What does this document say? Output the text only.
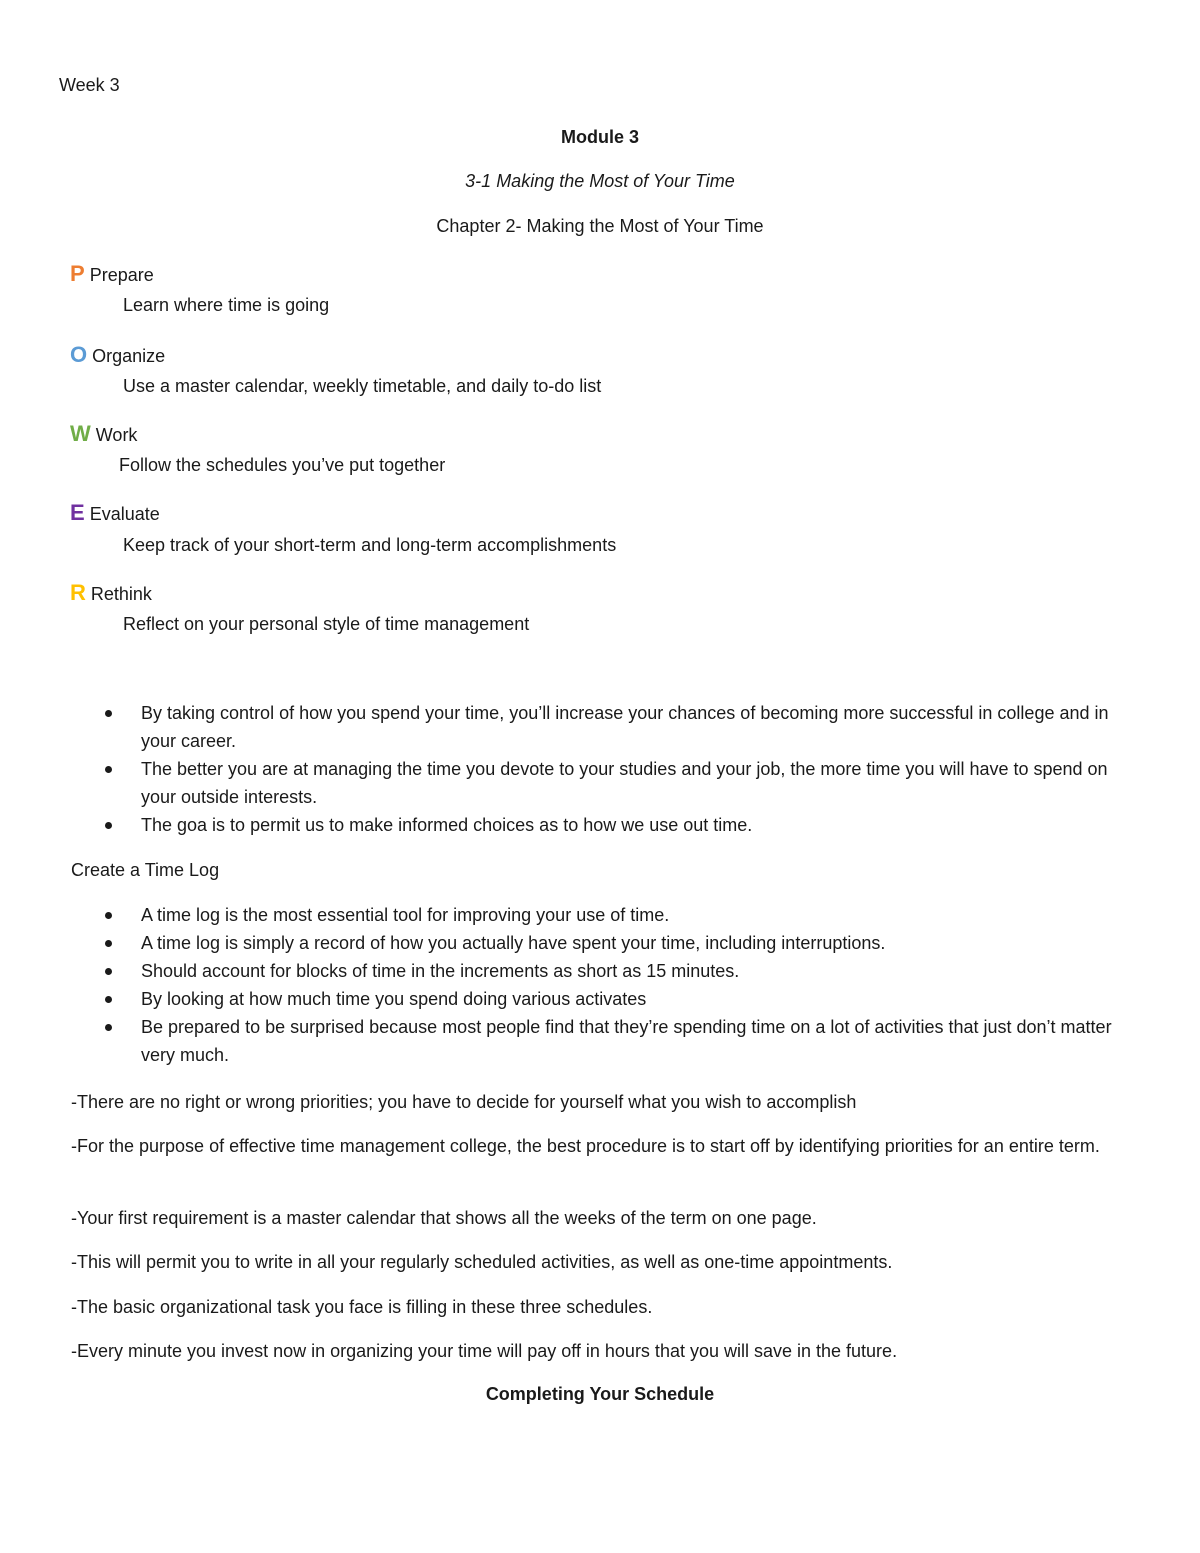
Week 3
Module 3
3-1 Making the Most of Your Time
Chapter 2- Making the Most of Your Time
P Prepare
Learn where time is going
O Organize
Use a master calendar, weekly timetable, and daily to-do list
W Work
Follow the schedules you’ve put together
E Evaluate
Keep track of your short-term and long-term accomplishments
R Rethink
Reflect on your personal style of time management
By taking control of how you spend your time, you’ll increase your chances of becoming more successful in college and in your career.
The better you are at managing the time you devote to your studies and your job, the more time you will have to spend on your outside interests.
The goa is to permit us to make informed choices as to how we use out time.
Create a Time Log
A time log is the most essential tool for improving your use of time.
A time log is simply a record of how you actually have spent your time, including interruptions.
Should account for blocks of time in the increments as short as 15 minutes.
By looking at how much time you spend doing various activates
Be prepared to be surprised because most people find that they’re spending time on a lot of activities that just don’t matter very much.
-There are no right or wrong priorities; you have to decide for yourself what you wish to accomplish
-For the purpose of effective time management college, the best procedure is to start off by identifying priorities for an entire term.
-Your first requirement is a master calendar that shows all the weeks of the term on one page.
-This will permit you to write in all your regularly scheduled activities, as well as one-time appointments.
-The basic organizational task you face is filling in these three schedules.
-Every minute you invest now in organizing your time will pay off in hours that you will save in the future.
Completing Your Schedule
